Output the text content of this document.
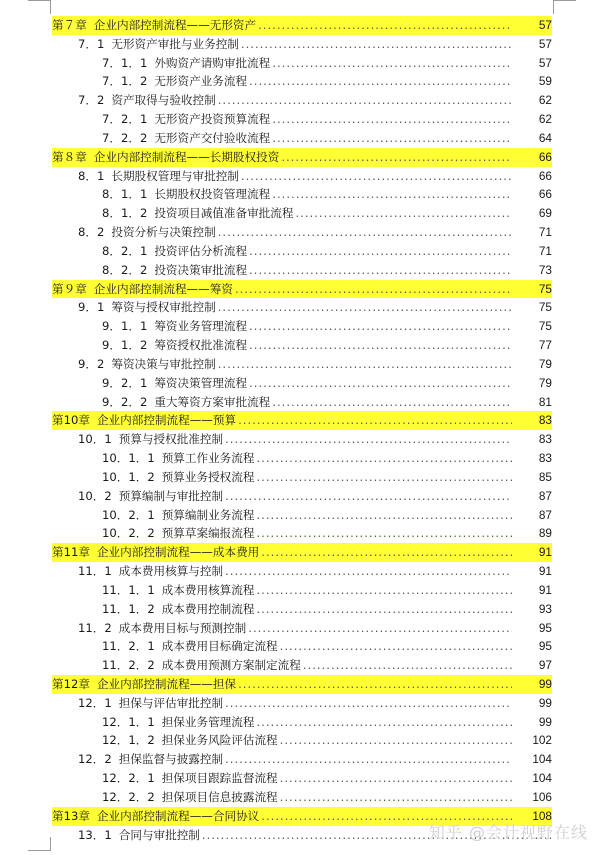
第７章 企业内部控制流程——无形资产 .....	57
7．1 无形资产审批与业务控制 .....	57
7．1．1 外购资产请购审批流程 .....	57
7．1．2 无形资产业务流程 .....	59
7．2 资产取得与验收控制 .....	62
7．2．1 无形资产投资预算流程 .....	62
7．2．2 无形资产交付验收流程 .....	64
第８章 企业内部控制流程——长期股权投资 .....	66
8．1 长期股权管理与审批控制 .....	66
8．1．1 长期股权投资管理流程 .....	66
8．1．2 投资项目减值准备审批流程 .....	69
8．2 投资分析与决策控制 .....	71
8．2．1 投资评估分析流程 .....	71
8．2．2 投资决策审批流程 .....	73
第９章 企业内部控制流程——筹资 .....	75
9．1 筹资与授权审批控制 .....	75
9．1．1 筹资业务管理流程 .....	75
9．1．2 筹资授权批准流程 .....	77
9．2 筹资决策与审批控制 .....	79
9．2．1 筹资决策管理流程 .....	79
9．2．2 重大筹资方案审批流程 .....	81
第10章 企业内部控制流程——预算 .....	83
10．1 预算与授权批准控制 .....	83
10．1．1 预算工作业务流程 .....	83
10．1．2 预算业务授权流程 .....	85
10．2 预算编制与审批控制 .....	87
10．2．1 预算编制业务流程 .....	87
10．2．2 预算草案编报流程 .....	89
第11章 企业内部控制流程——成本费用 .....	91
11．1 成本费用核算与控制 .....	91
11．1．1 成本费用核算流程 .....	91
11．1．2 成本费用控制流程 .....	93
11．2 成本费用目标与预测控制 .....	95
11．2．1 成本费用目标确定流程 .....	95
11．2．2 成本费用预测方案制定流程 .....	97
第12章 企业内部控制流程——担保 .....	99
12．1 担保与评估审批控制 .....	99
12．1．1 担保业务管理流程 .....	99
12．1．2 担保业务风险评估流程 .....	102
12．2 担保监督与披露控制 .....	104
12．2．1 担保项目跟踪监督流程 .....	104
12．2．2 担保项目信息披露流程 .....	106
第13章 企业内部控制流程——合同协议 .....	108
13．1 合同与审批控制 .....	知乎 @会计视野在线
